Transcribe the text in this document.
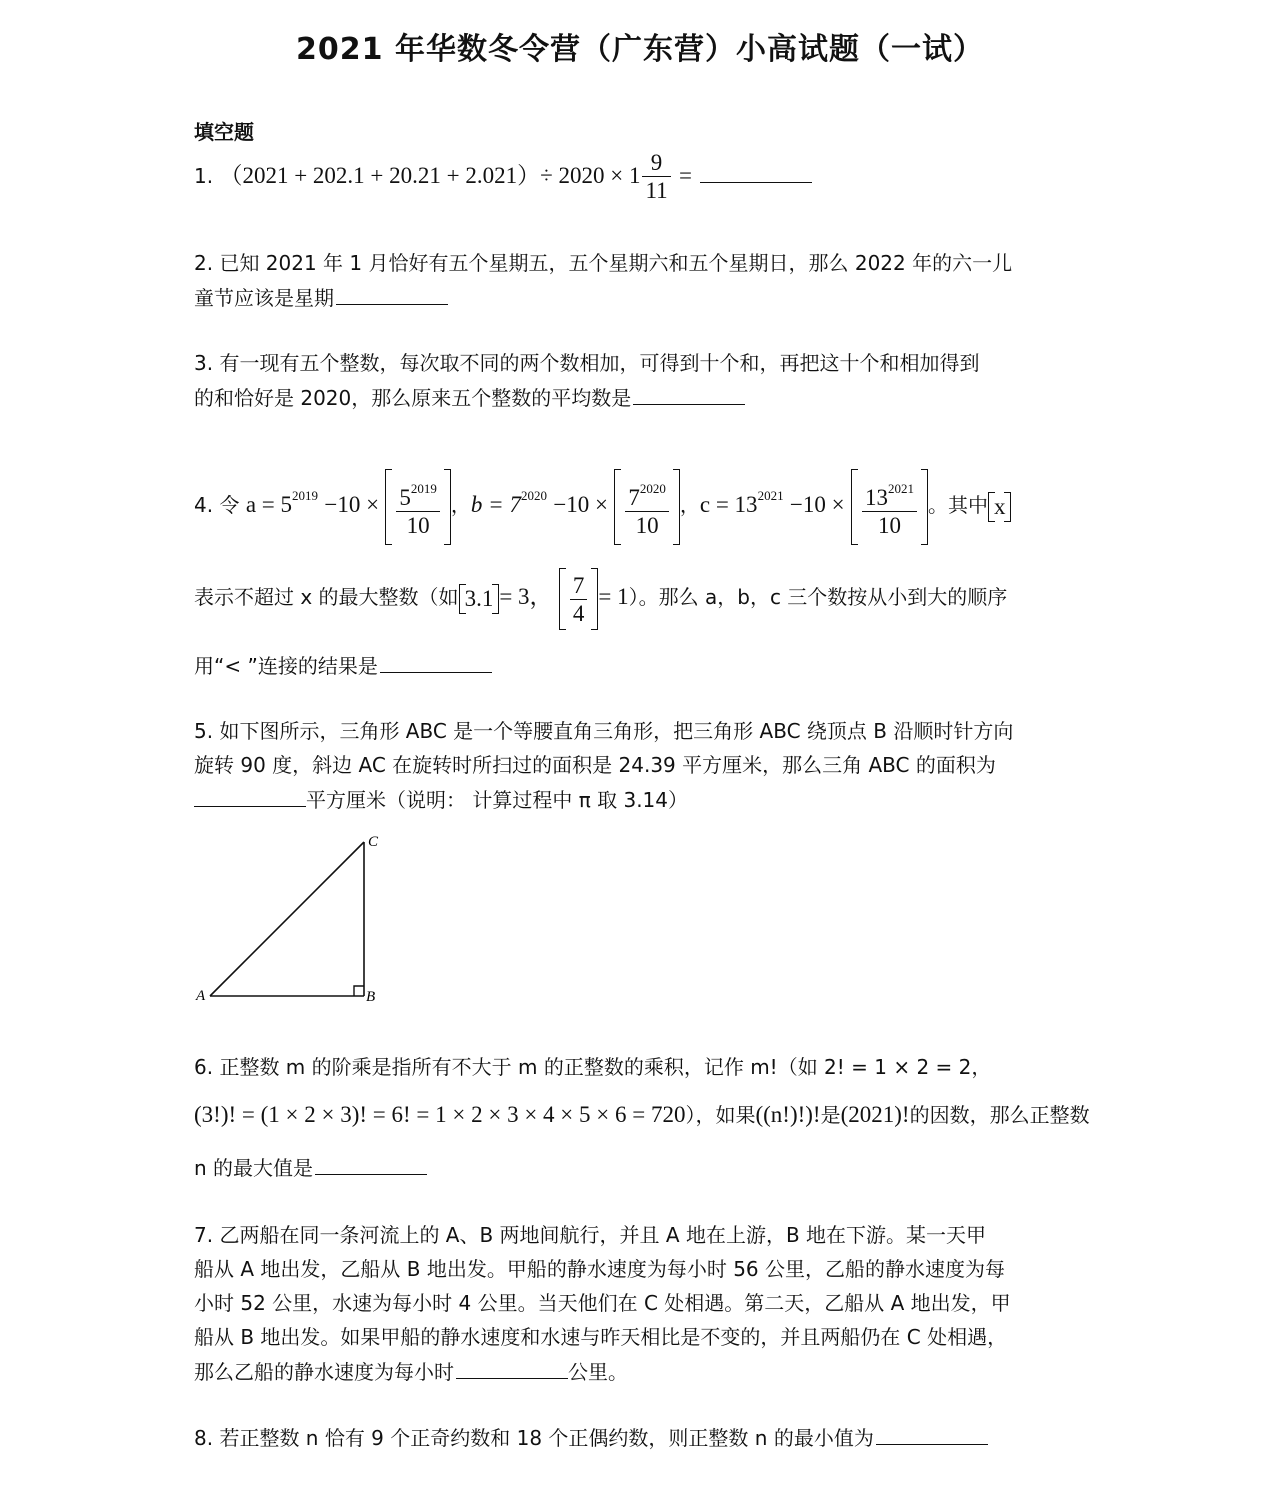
2021 年华数冬令营（广东营）小高试题（一试）
填空题
1. $(2021 + 202.1 + 20.21 + 2.021)\div 2020 \times 1 \frac{9}{11}$ =
2. 已知 2021 年 1 月恰好有五个星期五，五个星期六和五个星期日，那么 2022 年的六一儿
童节应该是星期
3. 有一现有五个整数，每次取不同的两个数相加，可得到十个和，再把这十个和相加得到
的和恰好是 2020，那么原来五个整数的平均数是
4. 令 $a = 5^{2019} -10 \times \frac{5^{2019}}{10}$ ，$b = 7^{2020} -10 \times \frac{7^{2020}}{10}$ ，$c = 13^{2021} -10 \times \frac{13^{2021}}{10}$ 。其中 x
表示不超过 x 的最大整数（如 3.1 = 3， $\frac{7}{4} = 1$）。那么 a，b，c 三个数按从小到大的顺序
用“< ”连接的结果是
5. 如下图所示，三角形 ABC 是一个等腰直角三角形，把三角形 ABC 绕顶点 B 沿顺时针方向
旋转 90 度，斜边 AC 在旋转时所扫过的面积是 24.39 平方厘米，那么三角 ABC 的面积为
平方厘米（说明： 计算过程中 π 取 3.14）
A	B
C
6. 正整数 m 的阶乘是指所有不大于 m 的正整数的乘积，记作 m!（如 2! = 1 × 2 = 2，
(3!)! = (1 × 2 × 3)! = 6! = 1 × 2 × 3 × 4 × 5 × 6 = 720），如果((n!)!)!是(2021)!的因数，那么正整数
n 的最大值是
7. 乙两船在同一条河流上的 A、B 两地间航行，并且 A 地在上游，B 地在下游。某一天甲
船从 A 地出发，乙船从 B 地出发。甲船的静水速度为每小时 56 公里，乙船的静水速度为每
小时 52 公里，水速为每小时 4 公里。当天他们在 C 处相遇。第二天，乙船从 A 地出发，甲
船从 B 地出发。如果甲船的静水速度和水速与昨天相比是不变的，并且两船仍在 C 处相遇，
那么乙船的静水速度为每小时	公里。
8. 若正整数 n 恰有 9 个正奇约数和 18 个正偶约数，则正整数 n 的最小值为
